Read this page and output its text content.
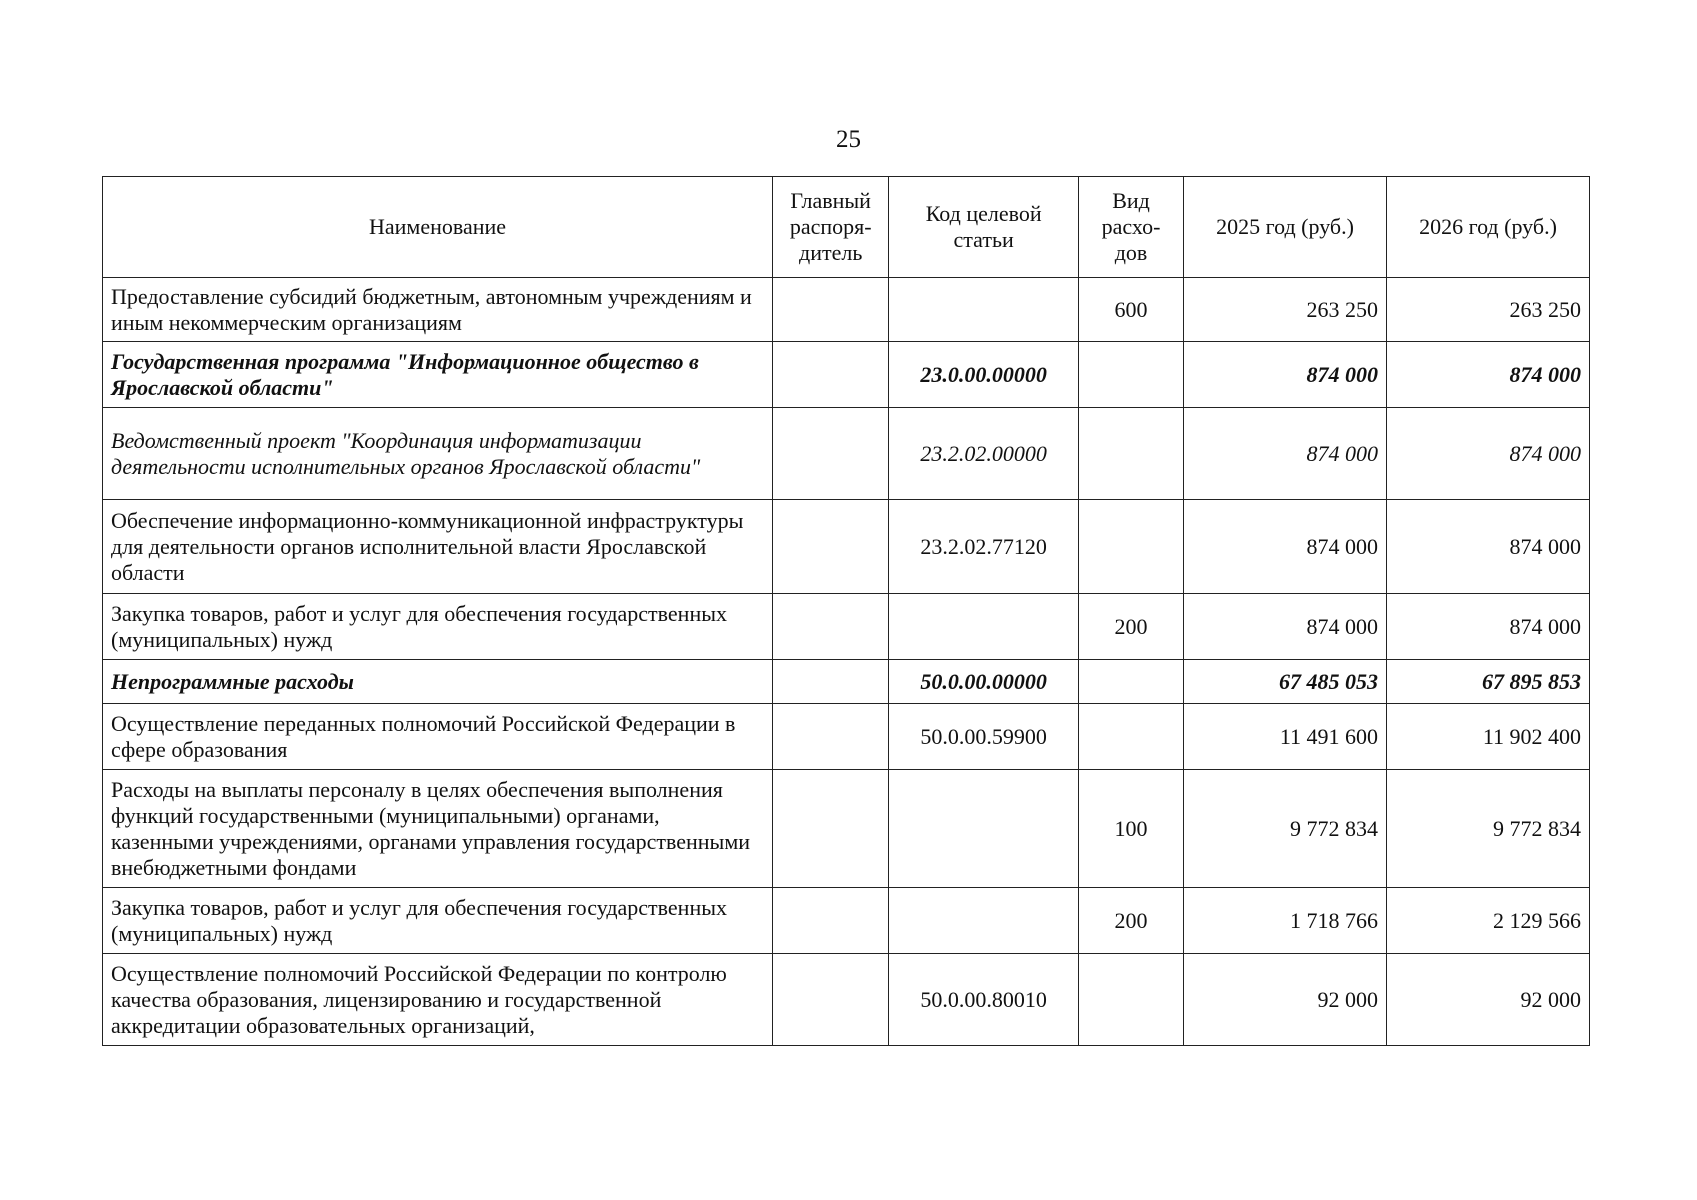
25
Наименование	Главный распоря-дитель	Код целевой статьи	Вид расхо-дов	2025 год (руб.)	2026 год (руб.)
Предоставление субсидий бюджетным, автономным учреждениям и иным некоммерческим организациям			600	263 250	263 250
Государственная программа "Информационное общество в Ярославской области"		23.0.00.00000		874 000	874 000
Ведомственный проект "Координация информатизации деятельности исполнительных органов Ярославской области"		23.2.02.00000		874 000	874 000
Обеспечение информационно-коммуникационной инфраструктуры для деятельности органов исполнительной власти Ярославской области		23.2.02.77120		874 000	874 000
Закупка товаров, работ и услуг для обеспечения государственных (муниципальных) нужд			200	874 000	874 000
Непрограммные расходы		50.0.00.00000		67 485 053	67 895 853
Осуществление переданных полномочий Российской Федерации в сфере образования		50.0.00.59900		11 491 600	11 902 400
Расходы на выплаты персоналу в целях обеспечения выполнения функций государственными (муниципальными) органами, казенными учреждениями, органами управления государственными внебюджетными фондами			100	9 772 834	9 772 834
Закупка товаров, работ и услуг для обеспечения государственных (муниципальных) нужд			200	1 718 766	2 129 566
Осуществление полномочий Российской Федерации по контролю качества образования, лицензированию и государственной аккредитации образовательных организаций,		50.0.00.80010		92 000	92 000
